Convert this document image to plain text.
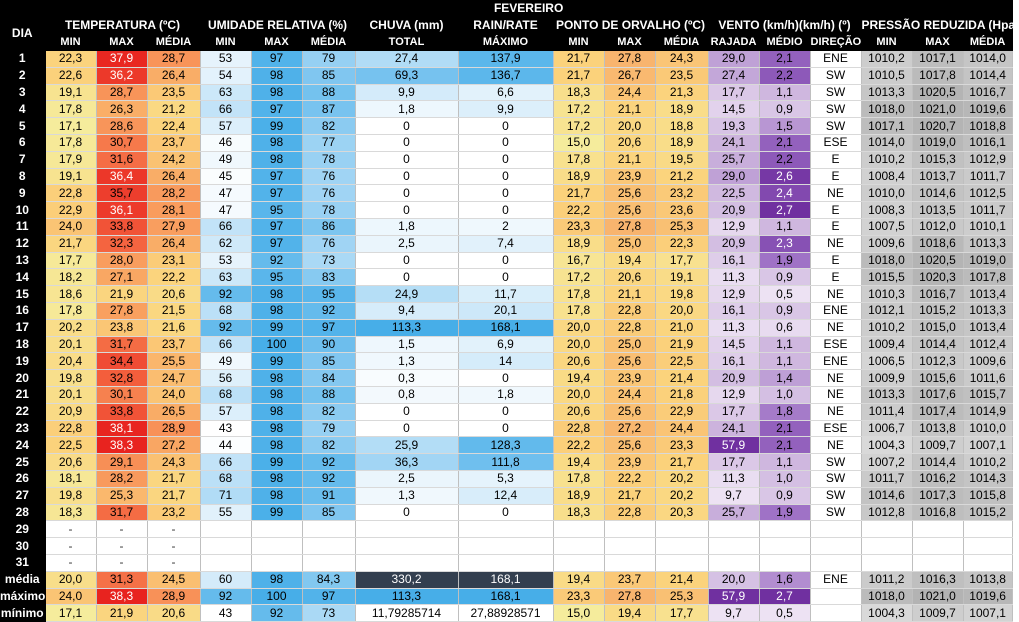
	FEVEREIRO																
DIA	TEMPERATURA (ºC)			UMIDADE RELATIVA (%)			CHUVA (mm)	RAIN/RATE	PONTO DE ORVALHO (ºC)			VENTO (km/h)(km/h) (º)			PRESSÃO REDUZIDA (Hpa)		
	MIN	MAX	MÉDIA	MIN	MAX	MÉDIA	TOTAL	MÁXIMO	MIN	MAX	MÉDIA	RAJADA	MÉDIO	DIREÇÃO	MIN	MAX	MÉDIA
1	22,3	37,9	28,7	53	97	79	27,4	137,9	21,7	27,8	24,3	29,0	2,1	ENE	1010,2	1017,1	1014,0
2	22,6	36,2	26,4	54	98	85	69,3	136,7	21,7	26,7	23,5	27,4	2,2	SW	1010,5	1017,8	1014,4
3	19,1	28,7	23,5	63	98	88	9,9	6,6	18,3	24,4	21,3	17,7	1,1	SW	1013,3	1020,5	1016,7
4	17,8	26,3	21,2	66	97	87	1,8	9,9	17,2	21,1	18,9	14,5	0,9	SW	1018,0	1021,0	1019,6
5	17,1	28,6	22,4	57	99	82	0	0	17,2	20,0	18,8	19,3	1,5	SW	1017,1	1020,7	1018,8
6	17,8	30,7	23,7	46	98	77	0	0	15,0	20,6	18,9	24,1	2,1	ESE	1014,0	1019,0	1016,1
7	17,9	31,6	24,2	49	98	78	0	0	17,8	21,1	19,5	25,7	2,2	E	1010,2	1015,3	1012,9
8	19,1	36,4	26,4	45	97	76	0	0	18,9	23,9	21,2	29,0	2,6	E	1008,4	1013,7	1011,7
9	22,8	35,7	28,2	47	97	76	0	0	21,7	25,6	23,2	22,5	2,4	NE	1010,0	1014,6	1012,5
10	22,9	36,1	28,1	47	95	78	0	0	22,2	25,6	23,6	20,9	2,7	E	1008,3	1013,5	1011,7
11	24,0	33,8	27,9	66	97	86	1,8	2	23,3	27,8	25,3	12,9	1,1	E	1007,5	1012,0	1010,1
12	21,7	32,3	26,4	62	97	76	2,5	7,4	18,9	25,0	22,3	20,9	2,3	NE	1009,6	1018,6	1013,3
13	17,7	28,0	23,1	53	92	73	0	0	16,7	19,4	17,7	16,1	1,9	E	1018,0	1020,5	1019,0
14	18,2	27,1	22,2	63	95	83	0	0	17,2	20,6	19,1	11,3	0,9	E	1015,5	1020,3	1017,8
15	18,6	21,9	20,6	92	98	95	24,9	11,7	17,8	21,1	19,8	12,9	0,5	NE	1010,3	1016,7	1013,4
16	17,8	27,8	21,5	68	98	92	9,4	20,1	17,8	22,8	20,0	16,1	0,9	ENE	1012,1	1015,2	1013,3
17	20,2	23,8	21,6	92	99	97	113,3	168,1	20,0	22,8	21,0	11,3	0,6	NE	1010,2	1015,0	1013,4
18	20,1	31,7	23,7	66	100	90	1,5	6,9	20,0	25,0	21,9	14,5	1,1	ESE	1009,4	1014,4	1012,4
19	20,4	34,4	25,5	49	99	85	1,3	14	20,6	25,6	22,5	16,1	1,1	ENE	1006,5	1012,3	1009,6
20	19,8	32,8	24,7	56	98	84	0,3	0	19,4	23,9	21,4	20,9	1,4	NE	1009,9	1015,6	1011,6
21	20,1	30,1	24,0	68	98	88	0,8	1,8	20,0	24,4	21,8	12,9	1,0	NE	1013,3	1017,6	1015,7
22	20,9	33,8	26,5	57	98	82	0	0	20,6	25,6	22,9	17,7	1,8	NE	1011,4	1017,4	1014,9
23	22,8	38,1	28,9	43	98	79	0	0	22,8	27,2	24,4	24,1	2,1	ESE	1006,7	1013,8	1010,0
24	22,5	38,3	27,2	44	98	82	25,9	128,3	22,2	25,6	23,3	57,9	2,1	NE	1004,3	1009,7	1007,1
25	20,6	29,1	24,3	66	99	92	36,3	111,8	19,4	23,9	21,7	17,7	1,1	SW	1007,2	1014,4	1010,2
26	18,1	28,2	21,7	68	98	92	2,5	5,3	17,8	22,2	20,2	11,3	1,0	SW	1011,7	1016,2	1014,3
27	19,8	25,3	21,7	71	98	91	1,3	12,4	18,9	21,7	20,2	9,7	0,9	SW	1014,6	1017,3	1015,8
28	18,3	31,7	23,2	55	99	85	0	0	18,3	22,8	20,3	25,7	1,9	SW	1012,8	1016,8	1015,2
29	-	-	-														
30	-	-	-														
31	-	-	-														
média	20,0	31,3	24,5	60	98	84,3	330,2	168,1	19,4	23,7	21,4	20,0	1,6	ENE	1011,2	1016,3	1013,8
máximo	24,0	38,3	28,9	92	100	97	113,3	168,1	23,3	27,8	25,3	57,9	2,7		1018,0	1021,0	1019,6
mínimo	17,1	21,9	20,6	43	92	73	11,79285714	27,88928571	15,0	19,4	17,7	9,7	0,5		1004,3	1009,7	1007,1
